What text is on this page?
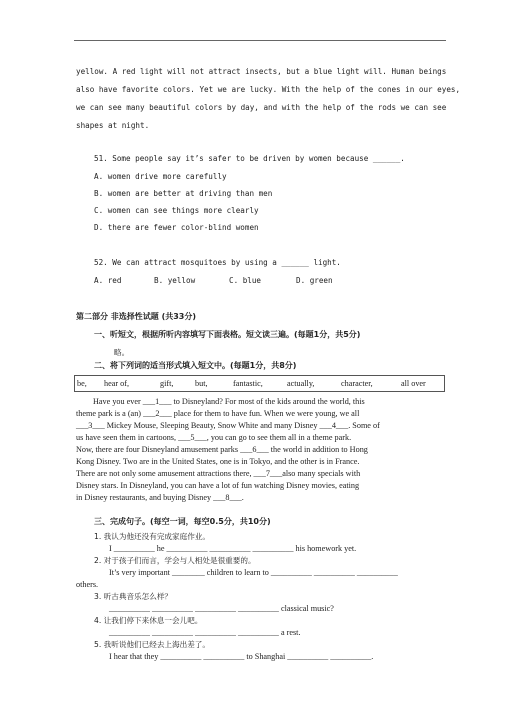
yellow. A red light will not attract insects, but a blue light will. Human beings
also have favorite colors. Yet we are lucky. With the help of the cones in our eyes,
we can see many beautiful colors by day, and with the help of the rods we can see
shapes at night.
51. Some people say it’s safer to be driven by women because ______.
A. women drive more carefully
B. women are better at driving than men
C. women can see things more clearly
D. there are fewer color-blind women
52. We can attract mosquitoes by using a ______ light.
A. red	B. yellow	C. blue	D. green
第二部分 非选择性试题 (共33分)
一、听短文，根据所听内容填写下面表格。短文读三遍。(每题1分，共5分)
略。
二、将下列词的适当形式填入短文中。(每题1分，共8分)
be, hear of,	gift,	but,	fantastic,	actually,	character,	all over
Have you ever ___1___ to Disneyland? For most of the kids around the world, this
theme park is a (an) ___2___ place for them to have fun. When we were young, we all
___3___ Mickey Mouse, Sleeping Beauty, Snow White and many Disney ___4___. Some of
us have seen them in cartoons, ___5___, you can go to see them all in a theme park.
Now, there are four Disneyland amusement parks ___6___ the world in addition to Hong
Kong Disney. Two are in the United States, one is in Tokyo, and the other is in France.
There are not only some amusement attractions there, ___7___also many specials with
Disney stars. In Disneyland, you can have a lot of fun watching Disney movies, eating
in Disney restaurants, and buying Disney ___8___.
三、完成句子。(每空一词，每空0.5分，共10分)
1. 我认为他还没有完成家庭作业。
I __________ he __________ __________ __________ his homework yet.
2. 对于孩子们而言，学会与人相处是很重要的。
It’s very important ________ children to learn to __________ __________ __________
others.
3. 听古典音乐怎么样？
__________ __________ __________ __________ classical music?
4. 让我们停下来休息一会儿吧。
__________ __________ __________ __________ a rest.
5. 我听说他们已经去上海出差了。
I hear that they __________ __________ to Shanghai __________ __________.
